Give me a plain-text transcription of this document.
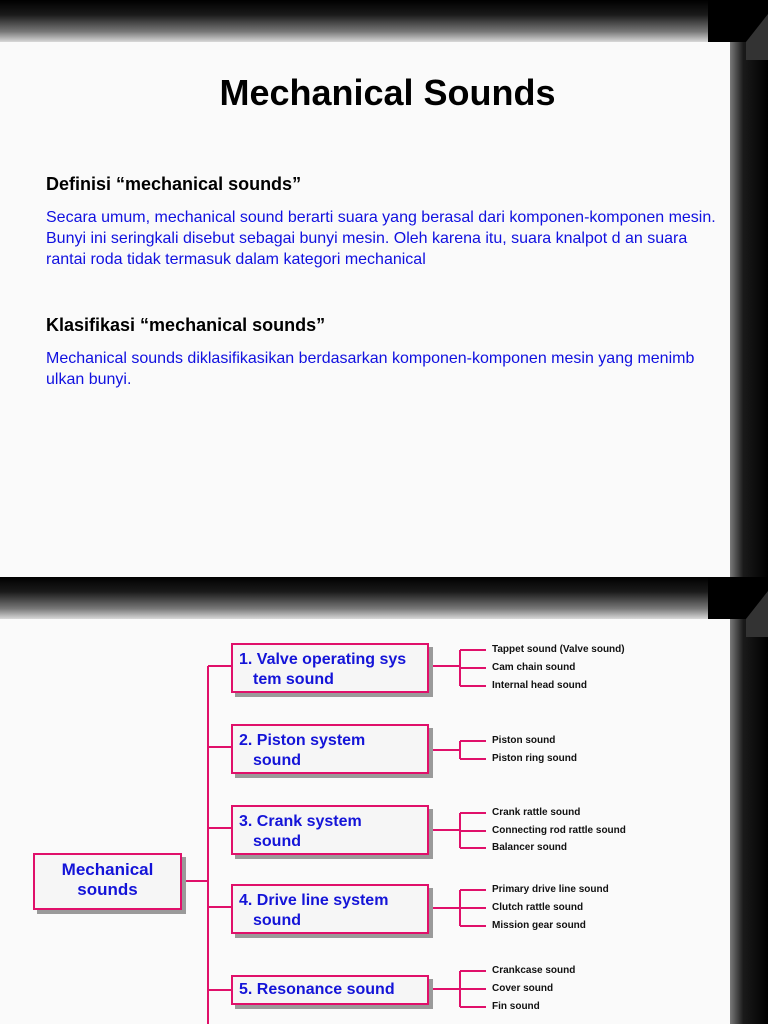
Mechanical Sounds
Definisi “mechanical sounds”

Secara umum, mechanical sound berarti suara yang berasal dari komponen-komponen mesin. Bunyi ini seringkali disebut sebagai bunyi mesin. Oleh karena itu, suara knalpot d an suara rantai roda tidak termasuk dalam kategori mechanical

Klasifikasi “mechanical sounds”

Mechanical sounds diklasifikasikan berdasarkan komponen-komponen mesin yang menimb ulkan bunyi.

Mechanical
sounds
1. Valve operating sys
tem sound

Tappet sound (Valve sound)

Cam chain sound

Internal head sound

2. Piston system
sound

Piston sound

Piston ring sound

3. Crank system
sound

Crank rattle sound

Connecting rod rattle sound

Balancer sound

4. Drive line system
sound

Primary drive line sound

Clutch rattle sound

Mission gear sound

5. Resonance sound

Crankcase sound

Cover sound

Fin sound
